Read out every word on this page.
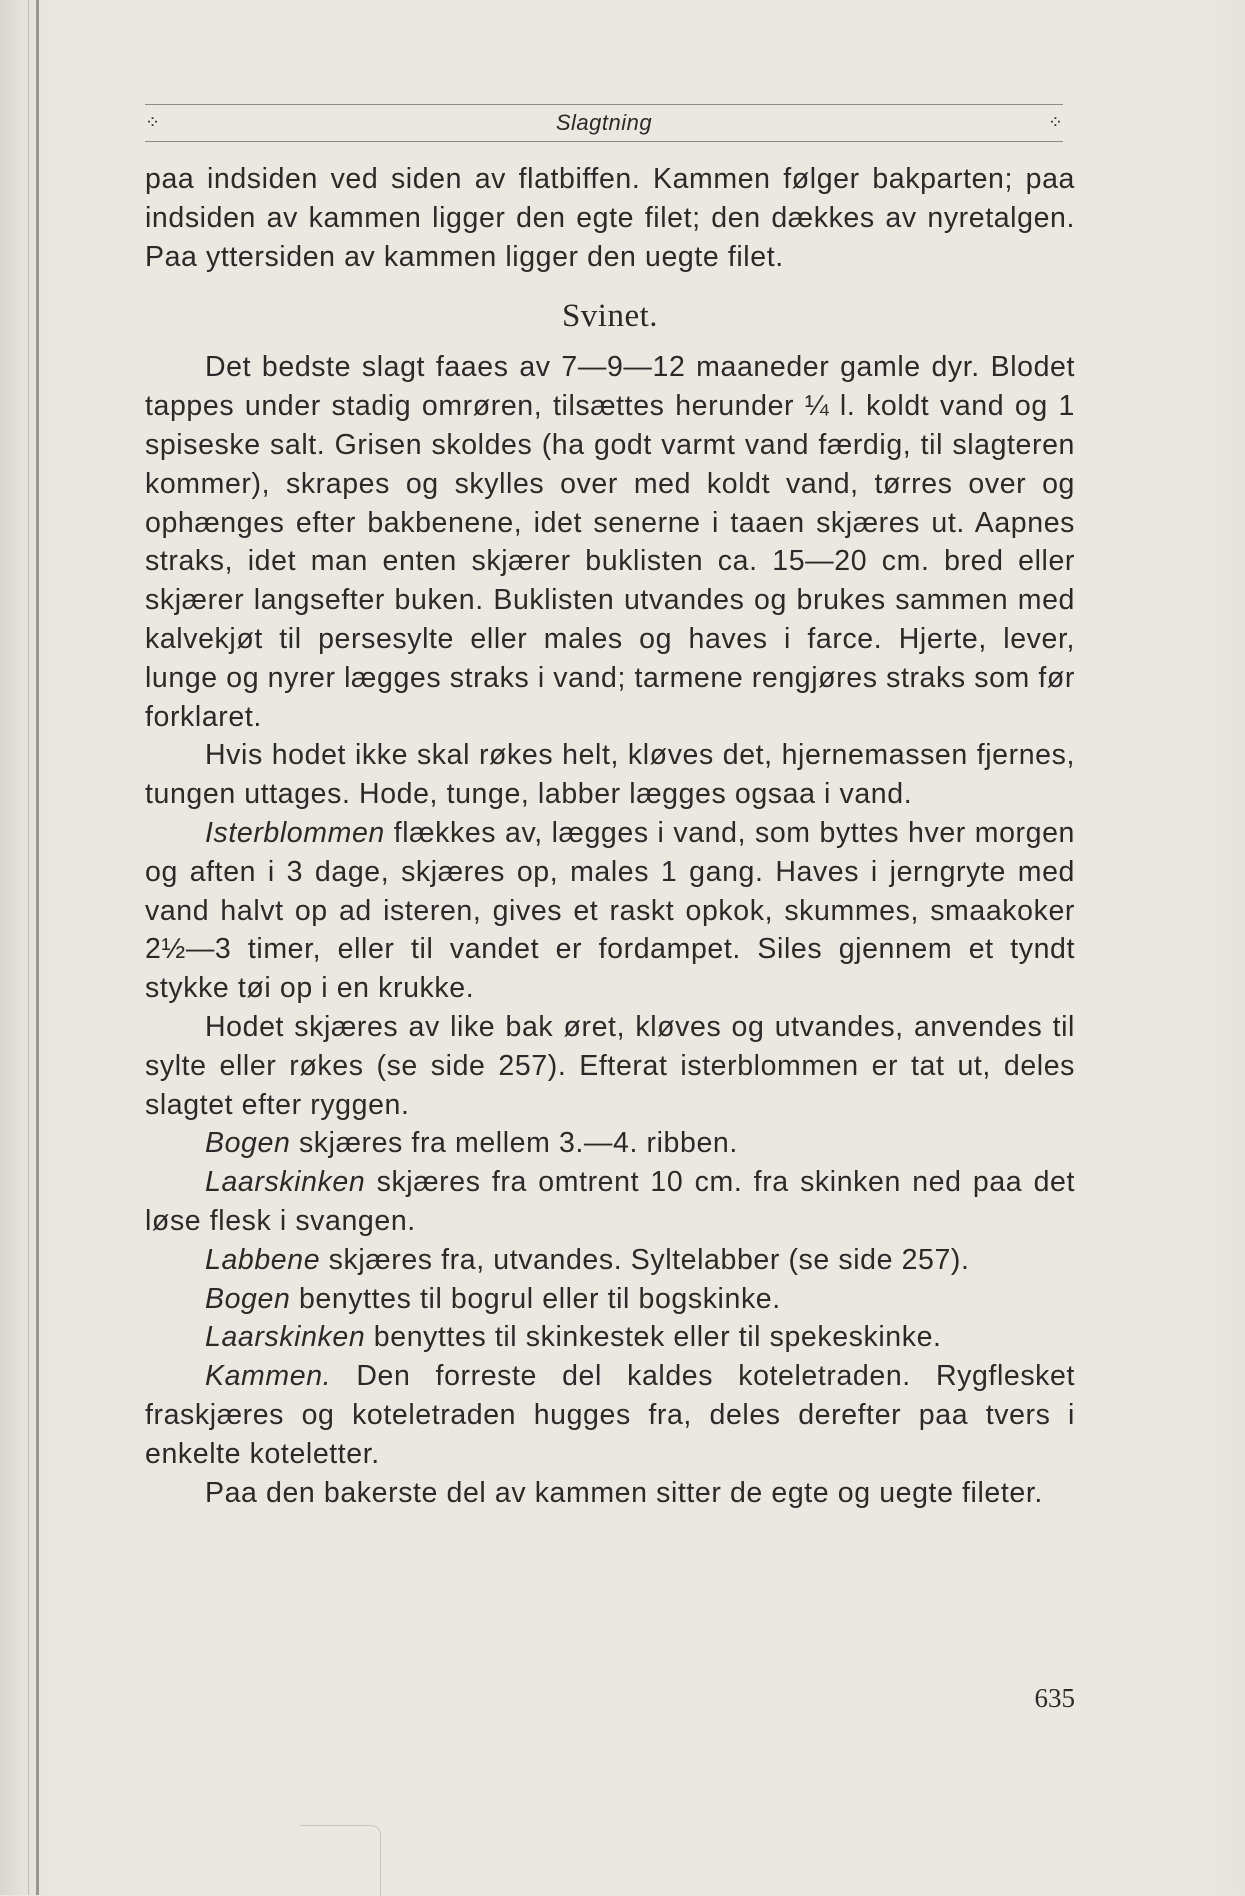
⁘	Slagtning	⁘

paa indsiden ved siden av flatbiffen. Kammen følger bakparten; paa indsiden av kammen ligger den egte filet; den dækkes av nyretalgen. Paa yttersiden av kammen ligger den uegte filet.

Svinet.

Det bedste slagt faaes av 7—9—12 maaneder gamle dyr. Blodet tappes under stadig omrøren, tilsættes herunder ¼ l. koldt vand og 1 spiseske salt. Grisen skoldes (ha godt varmt vand færdig, til slagteren kommer), skrapes og skylles over med koldt vand, tørres over og ophænges efter bakbenene, idet senerne i taaen skjæres ut. Aapnes straks, idet man enten skjærer buklisten ca. 15—20 cm. bred eller skjærer langsefter buken. Buklisten utvandes og brukes sammen med kalvekjøt til persesylte eller males og haves i farce. Hjerte, lever, lunge og nyrer lægges straks i vand; tarmene rengjøres straks som før forklaret.

Hvis hodet ikke skal røkes helt, kløves det, hjernemassen fjernes, tungen uttages. Hode, tunge, labber lægges ogsaa i vand.

Isterblommen flækkes av, lægges i vand, som byttes hver morgen og aften i 3 dage, skjæres op, males 1 gang. Haves i jerngryte med vand halvt op ad isteren, gives et raskt opkok, skummes, smaakoker 2½—3 timer, eller til vandet er fordampet. Siles gjennem et tyndt stykke tøi op i en krukke.

Hodet skjæres av like bak øret, kløves og utvandes, anvendes til sylte eller røkes (se side 257). Efterat isterblommen er tat ut, deles slagtet efter ryggen.

Bogen skjæres fra mellem 3.—4. ribben.

Laarskinken skjæres fra omtrent 10 cm. fra skinken ned paa det løse flesk i svangen.

Labbene skjæres fra, utvandes. Syltelabber (se side 257).

Bogen benyttes til bogrul eller til bogskinke.

Laarskinken benyttes til skinkestek eller til spekeskinke.

Kammen. Den forreste del kaldes koteletraden. Rygflesket fraskjæres og koteletraden hugges fra, deles derefter paa tvers i enkelte koteletter.

Paa den bakerste del av kammen sitter de egte og uegte fileter.

635
